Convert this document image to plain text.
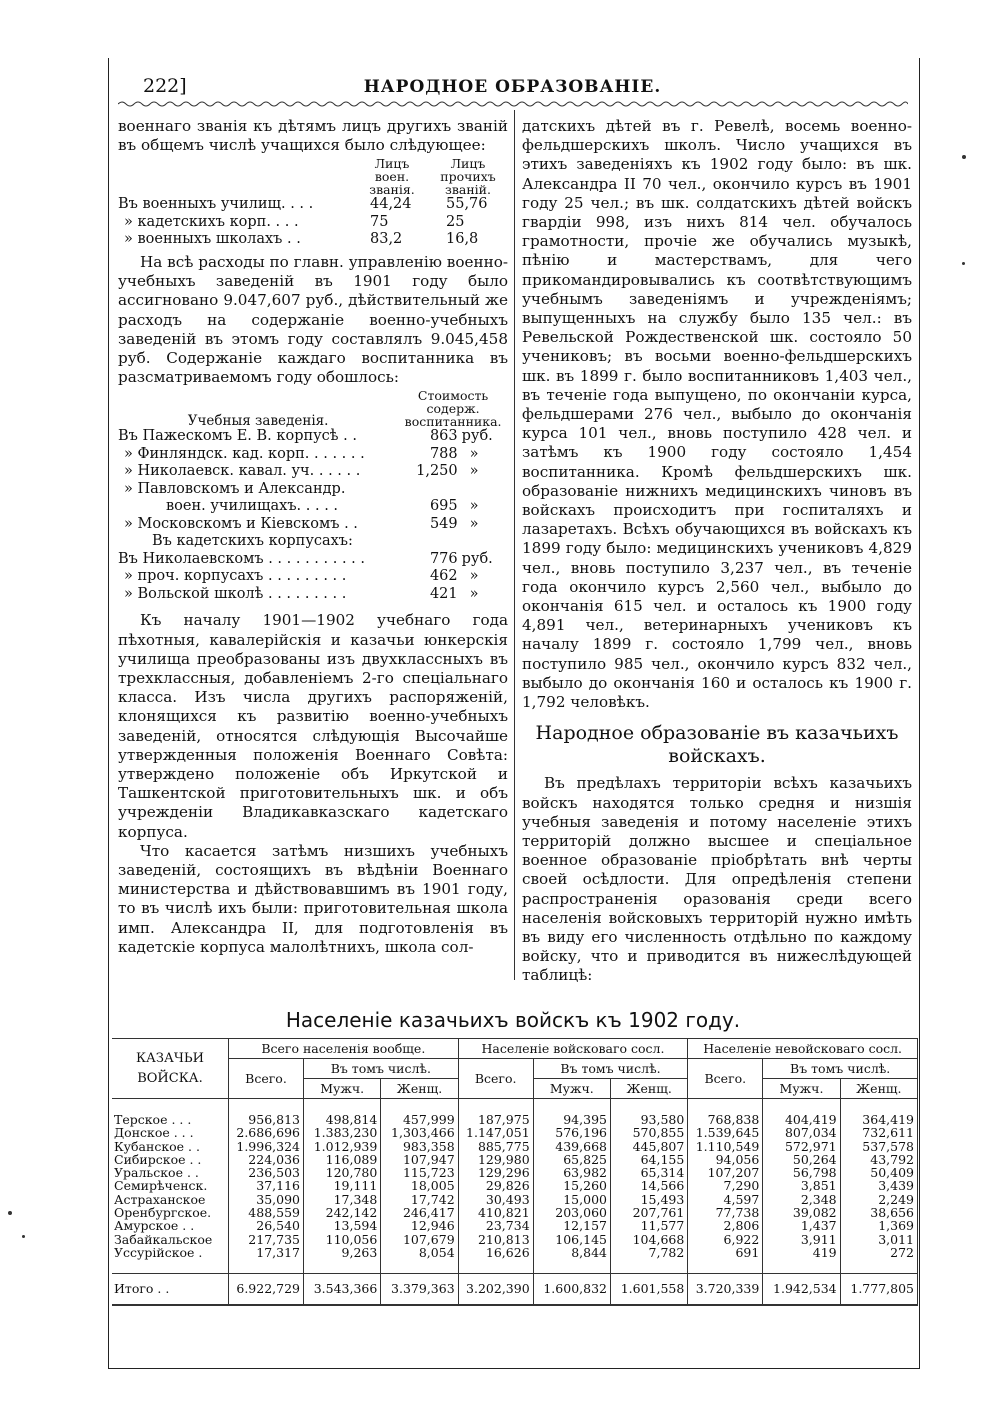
222]	НАРОДНОЕ ОБРАЗОВАНІЕ.

военнаго званія къ дѣтямъ лицъ другихъ званій въ общемъ числѣ учащихся было слѣдующее:

	Лицъ воен. званія.	Лицъ прочихъ званій.
Въ военныхъ училищ. . . .	44,24	55,76
» кадетскихъ корп. . . .	75	25
» военныхъ школахъ . .	83,2	16,8

На всѣ расходы по главн. управленію военно-учебныхъ заведеній въ 1901 году было ассигновано 9.047,607 руб., дѣйствительный же расходъ на содержаніе военно-учебныхъ заведеній въ этомъ году составлялъ 9.045,458 руб. Содержаніе каждаго воспитанника въ разсматриваемомъ году обошлось:

Учебныя заведенія.	Стоимость содерж. воспитанника.	
Въ Пажескомъ Е. В. корпусѣ . .	863	руб.
» Финляндск. кад. корп. . . . . . .	788	»
» Николаевск. кавал. уч. . . . . .	1,250	»
» Павловскомъ и Александр.		
воен. училищахъ. . . . .	695	»
» Московскомъ и Кіевскомъ . .	549	»
Въ кадетскихъ корпусахъ:		
Въ Николаевскомъ . . . . . . . . . . .	776	руб.
» проч. корпусахъ . . . . . . . . .	462	»
» Вольской школѣ . . . . . . . . .	421	»

Къ началу 1901—1902 учебнаго года пѣхотныя, кавалерійскія и казачьи юнкерскія училища преобразованы изъ двухклассныхъ въ трехклассныя, добавленіемъ 2-го спеціальнаго класса. Изъ числа другихъ распоряженій, клонящихся къ развитію военно-учебныхъ заведеній, относятся слѣдующія Высочайше утвержденныя положенія Военнаго Совѣта: утверждено положеніе объ Иркутской и Ташкентской приготовительныхъ шк. и объ учрежденіи Владикавказскаго кадетскаго корпуса.

Что касается затѣмъ низшихъ учебныхъ заведеній, состоящихъ въ вѣдѣніи Военнаго министерства и дѣйствовавшимъ въ 1901 году, то въ числѣ ихъ были: приготовительная школа имп. Александра II, для подготовленія въ кадетскіе корпуса малолѣтнихъ, школа сол-

датскихъ дѣтей въ г. Ревелѣ, восемь военно-фельдшерскихъ школъ. Число учащихся въ этихъ заведеніяхъ къ 1902 году было: въ шк. Александра II 70 чел., окончило курсъ въ 1901 году 25 чел.; въ шк. солдатскихъ дѣтей войскъ гвардіи 998, изъ нихъ 814 чел. обучалось грамотности, прочіе же обучались музыкѣ, пѣнію и мастерствамъ, для чего прикомандировывались къ соотвѣтствующимъ учебнымъ заведеніямъ и учрежденіямъ; выпущенныхъ на службу было 135 чел.: въ Ревельской Рождественской шк. состояло 50 учениковъ; въ восьми военно-фельдшерскихъ шк. въ 1899 г. было воспитанниковъ 1,403 чел., въ теченіе года выпущено, по окончаніи курса, фельдшерами 276 чел., выбыло до окончанія курса 101 чел., вновь поступило 428 чел. и затѣмъ къ 1900 году состояло 1,454 воспитанника. Кромѣ фельдшерскихъ шк. образованіе нижнихъ медицинскихъ чиновъ въ войскахъ происходитъ при госпиталяхъ и лазаретахъ. Всѣхъ обучающихся въ войскахъ къ 1899 году было: медицинскихъ учениковъ 4,829 чел., вновь поступило 3,237 чел., въ теченіе года окончило курсъ 2,560 чел., выбыло до окончанія 615 чел. и осталось къ 1900 году 4,891 чел., ветеринарныхъ учениковъ къ началу 1899 г. состояло 1,799 чел., вновь поступило 985 чел., окончило курсъ 832 чел., выбыло до окончанія 160 и осталось къ 1900 г. 1,792 человѣкъ.

Народное образованіе въ казачьихъ войскахъ.

Въ предѣлахъ территоріи всѣхъ казачьихъ войскъ находятся только средня и низшія учебныя заведенія и потому населеніе этихъ территорій должно высшее и спеціальное военное образованіе пріобрѣтать внѣ черты своей осѣдлости. Для опредѣленія степени распространенія оразованія среди всего населенія войсковыхъ территорій нужно имѣть въ виду его численность отдѣльно по каждому войску, что и приводится въ нижеслѣдующей таблицѣ:

Населеніе казачьихъ войскъ къ 1902 году.
КАЗАЧЬИ ВОЙСКА.	Всего населенія вообще.			Населеніе войсковаго сосл.			Населеніе невойсковаго сосл.		
	Всего.	Въ томъ числѣ.		Всего.	Въ томъ числѣ.		Всего.	Въ томъ числѣ.	
		Мужч.	Женщ.		Мужч.	Женщ.		Мужч.	Женщ.

Терское . . .	956,813	498,814	457,999	187,975	94,395	93,580	768,838	404,419	364,419
Донское . . .	2.686,696	1.383,230	1,303,466	1.147,051	576,196	570,855	1.539,645	807,034	732,611
Кубанское . .	1.996,324	1.012,939	983,358	885,775	439,668	445,807	1.110,549	572,971	537,578
Сибирское . .	224,036	116,089	107,947	129,980	65,825	64,155	94,056	50,264	43,792
Уральское . .	236,503	120,780	115,723	129,296	63,982	65,314	107,207	56,798	50,409
Семирѣченск.	37,116	19,111	18,005	29,826	15,260	14,566	7,290	3,851	3,439
Астраханское	35,090	17,348	17,742	30,493	15,000	15,493	4,597	2,348	2,249
Оренбургское.	488,559	242,142	246,417	410,821	203,060	207,761	77,738	39,082	38,656
Амурское . .	26,540	13,594	12,946	23,734	12,157	11,577	2,806	1,437	1,369
Забайкальское	217,735	110,056	107,679	210,813	106,145	104,668	6,922	3,911	3,011
Уссурійское .	17,317	9,263	8,054	16,626	8,844	7,782	691	419	272

Итого . .	6.922,729	3.543,366	3.379,363	3.202,390	1.600,832	1.601,558	3.720,339	1.942,534	1.777,805
